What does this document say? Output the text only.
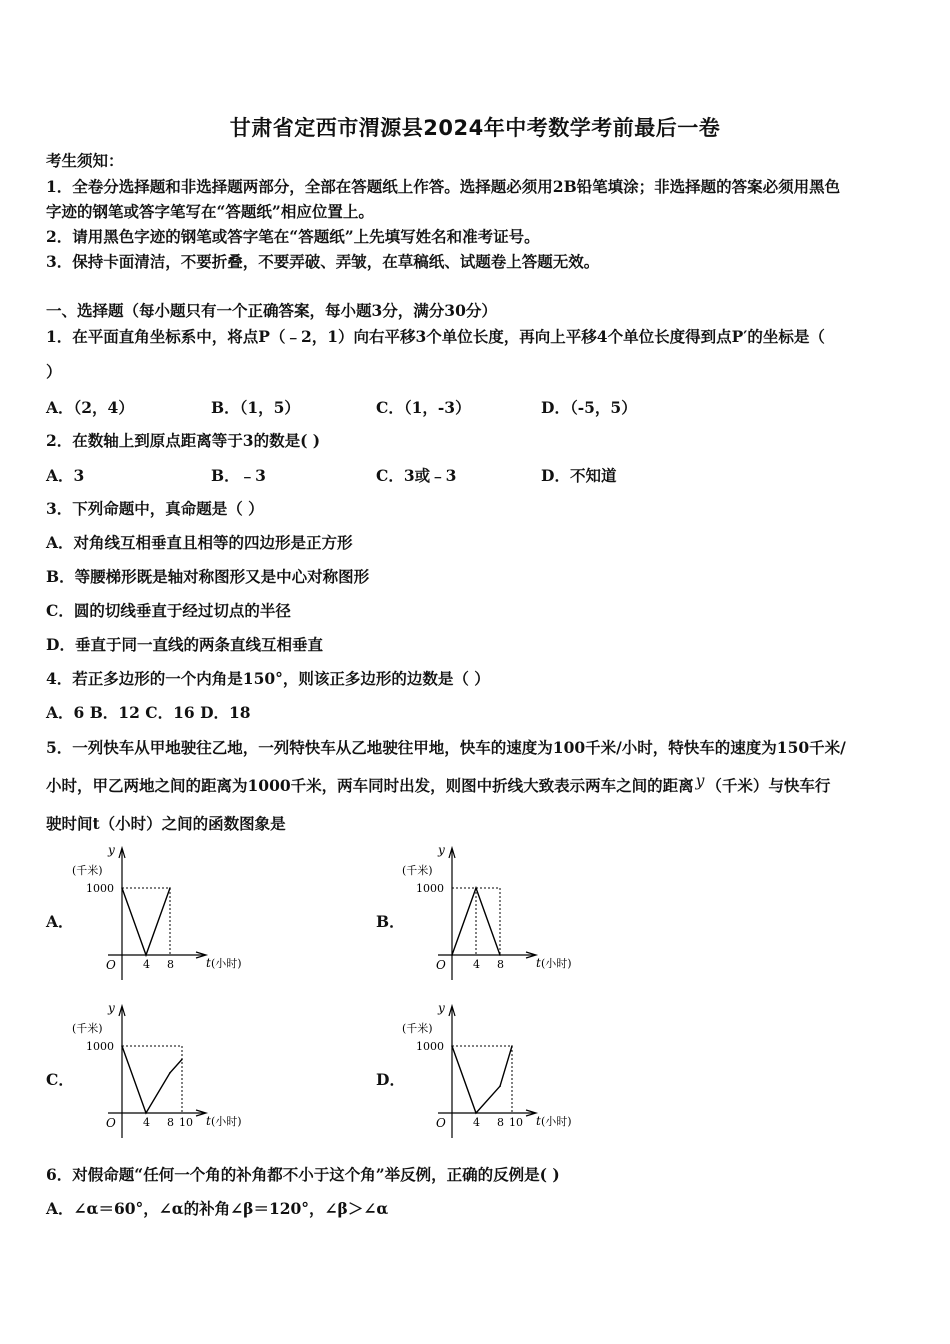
甘肃省定西市渭源县2024年中考数学考前最后一卷
考生须知：
1．全卷分选择题和非选择题两部分，全部在答题纸上作答。选择题必须用2B铅笔填涂；非选择题的答案必须用黑色
字迹的钢笔或答字笔写在“答题纸”相应位置上。
2．请用黑色字迹的钢笔或答字笔在“答题纸”上先填写姓名和准考证号。
3．保持卡面清洁，不要折叠，不要弄破、弄皱，在草稿纸、试题卷上答题无效。
一、选择题（每小题只有一个正确答案，每小题3分，满分30分）
1．在平面直角坐标系中，将点P（﹣2，1）向右平移3个单位长度，再向上平移4个单位长度得到点P′的坐标是（
）
A．（2，4）	B．（1，5）	C．（1，-3）	D．（-5，5）
2．在数轴上到原点距离等于3的数是( )
A．3	B．﹣3	C．3或﹣3	D．不知道
3．下列命题中，真命题是（ ）
A．对角线互相垂直且相等的四边形是正方形
B．等腰梯形既是轴对称图形又是中心对称图形
C．圆的切线垂直于经过切点的半径
D．垂直于同一直线的两条直线互相垂直
4．若正多边形的一个内角是150°，则该正多边形的边数是（ ）
A．6 B．12 C．16 D．18
5．一列快车从甲地驶往乙地，一列特快车从乙地驶往甲地，快车的速度为100千米/小时，特快车的速度为150千米/
小时，甲乙两地之间的距离为1000千米，两车同时出发，则图中折线大致表示两车之间的距离 y （千米）与快车行
驶时间t（小时）之间的函数图象是
A．	B．
C．	D．
y
(千米)
1000
O 4 8	t (小时)
y
(千米)
1000
O 4 8	t (小时)
y
(千米)
1000
O 4 8 10 t (小时)
y
(千米)
1000
O 4 8 10 t (小时)
6．对假命题“任何一个角的补角都不小于这个角”举反例，正确的反例是( )
A．∠α＝60°，∠α的补角∠β＝120°，∠β＞∠α
